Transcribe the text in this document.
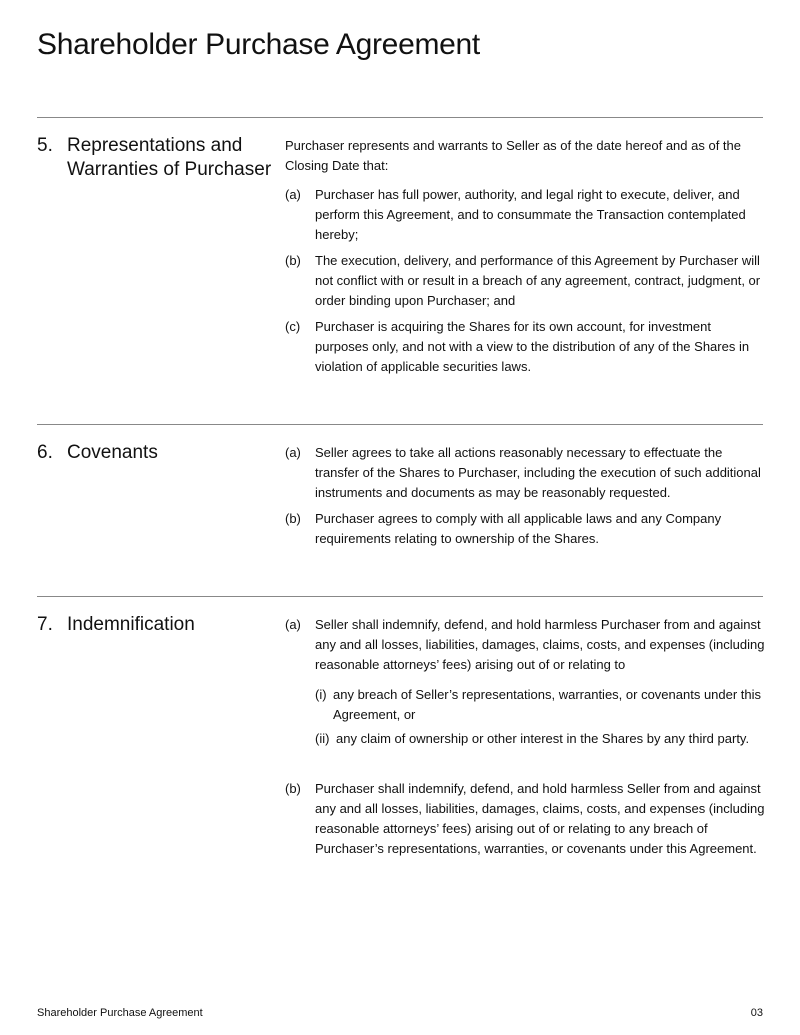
Shareholder Purchase Agreement
5. Representations and Warranties of Purchaser

Purchaser represents and warrants to Seller as of the date hereof and as of the Closing Date that:

(a) Purchaser has full power, authority, and legal right to execute, deliver, and perform this Agreement, and to consummate the Transaction contemplated hereby;
(b) The execution, delivery, and performance of this Agreement by Purchaser will not conflict with or result in a breach of any agreement, contract, judgment, or order binding upon Purchaser; and
(c) Purchaser is acquiring the Shares for its own account, for investment purposes only, and not with a view to the distribution of any of the Shares in violation of applicable securities laws.
6. Covenants	(a) Seller agrees to take all actions reasonably necessary to effectuate the transfer of the Shares to Purchaser, including the execution of such additional instruments and documents as may be reasonably requested.
(b) Purchaser agrees to comply with all applicable laws and any Company requirements relating to ownership of the Shares.
7. Indemnification	(a) Seller shall indemnify, defend, and hold harmless Purchaser from and against any and all losses, liabilities, damages, claims, costs, and expenses (including reasonable attorneys’ fees) arising out of or relating to
(i) any breach of Seller’s representations, warranties, or covenants under this Agreement, or
(ii) any claim of ownership or other interest in the Shares by any third party.
(b) Purchaser shall indemnify, defend, and hold harmless Seller from and against any and all losses, liabilities, damages, claims, costs, and expenses (including reasonable attorneys’ fees) arising out of or relating to any breach of Purchaser’s representations, warranties, or covenants under this Agreement.
Shareholder Purchase Agreement	03
